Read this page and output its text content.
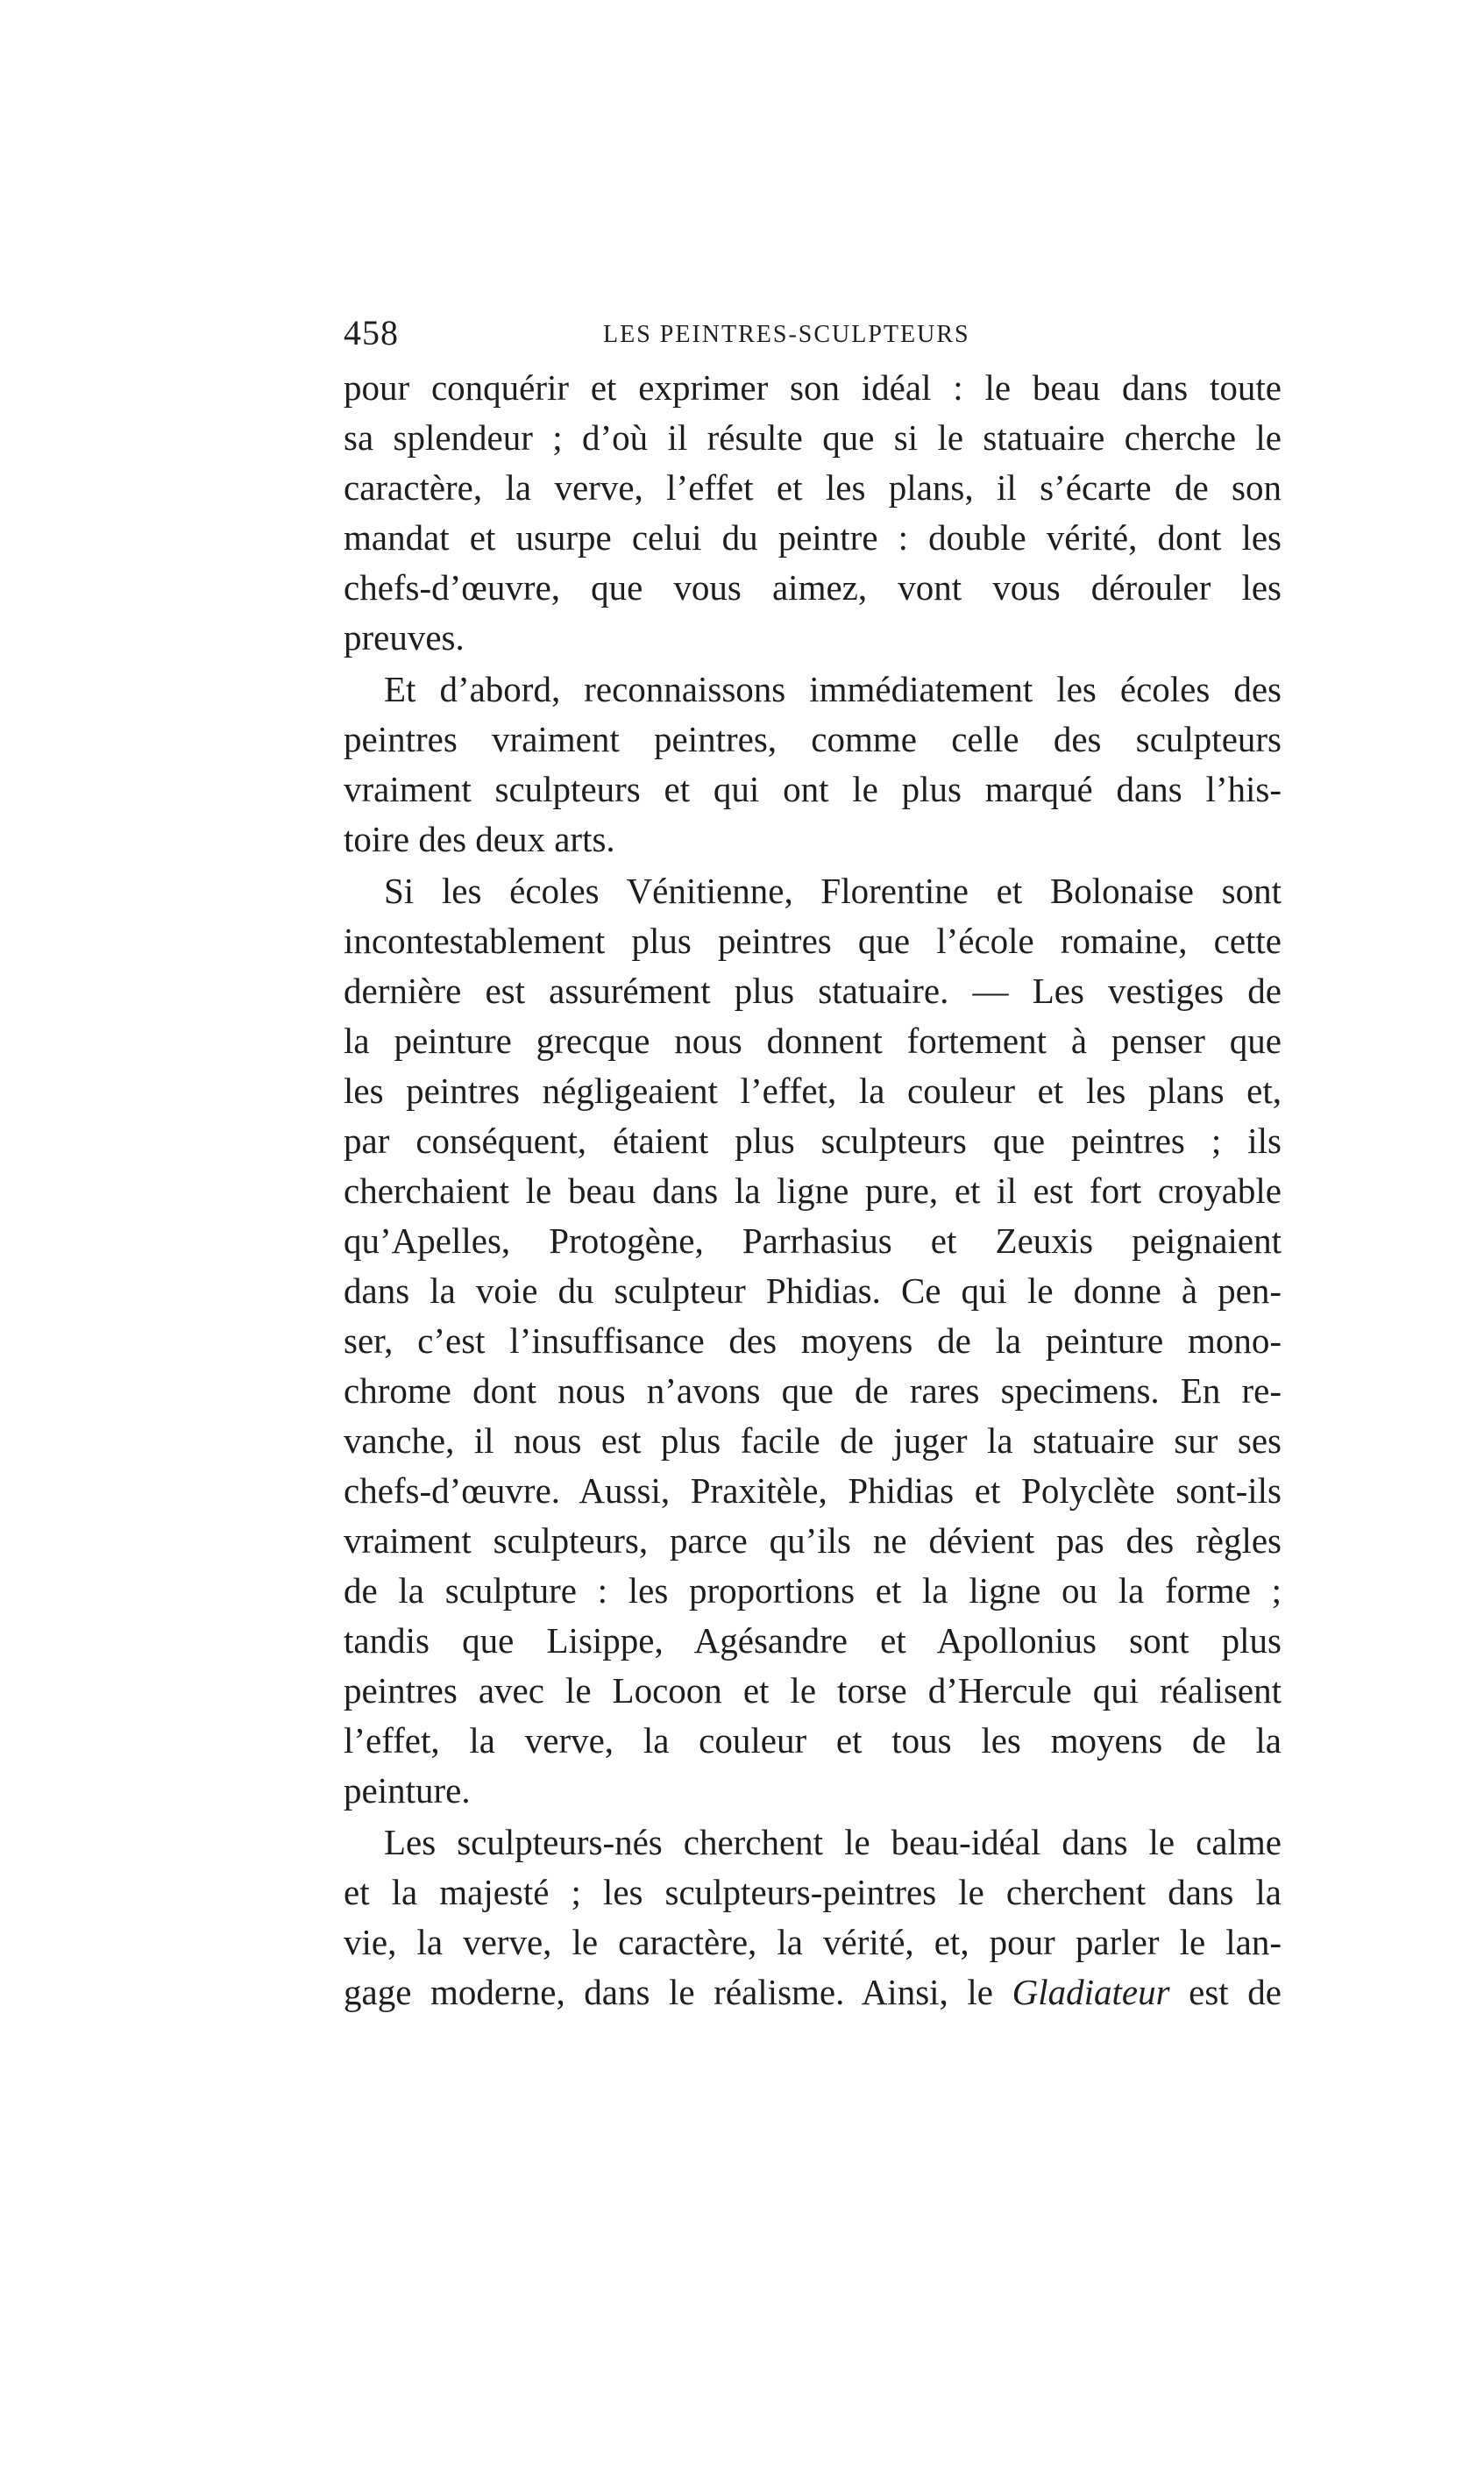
458	LES PEINTRES-SCULPTEURS
pour conquérir et exprimer son idéal : le beau dans toute
sa splendeur ; d’où il résulte que si le statuaire cherche le
caractère, la verve, l’effet et les plans, il s’écarte de son
mandat et usurpe celui du peintre : double vérité, dont les
chefs-d’œuvre, que vous aimez, vont vous dérouler les
preuves.
Et d’abord, reconnaissons immédiatement les écoles des
peintres vraiment peintres, comme celle des sculpteurs
vraiment sculpteurs et qui ont le plus marqué dans l’his-
toire des deux arts.
Si les écoles Vénitienne, Florentine et Bolonaise sont
incontestablement plus peintres que l’école romaine, cette
dernière est assurément plus statuaire. — Les vestiges de
la peinture grecque nous donnent fortement à penser que
les peintres négligeaient l’effet, la couleur et les plans et,
par conséquent, étaient plus sculpteurs que peintres ; ils
cherchaient le beau dans la ligne pure, et il est fort croyable
qu’Apelles, Protogène, Parrhasius et Zeuxis peignaient
dans la voie du sculpteur Phidias. Ce qui le donne à pen-
ser, c’est l’insuffisance des moyens de la peinture mono-
chrome dont nous n’avons que de rares specimens. En re-
vanche, il nous est plus facile de juger la statuaire sur ses
chefs-d’œuvre. Aussi, Praxitèle, Phidias et Polyclète sont-ils
vraiment sculpteurs, parce qu’ils ne dévient pas des règles
de la sculpture : les proportions et la ligne ou la forme ;
tandis que Lisippe, Agésandre et Apollonius sont plus
peintres avec le Locoon et le torse d’Hercule qui réalisent
l’effet, la verve, la couleur et tous les moyens de la
peinture.
Les sculpteurs-nés cherchent le beau-idéal dans le calme
et la majesté ; les sculpteurs-peintres le cherchent dans la
vie, la verve, le caractère, la vérité, et, pour parler le lan-
gage moderne, dans le réalisme. Ainsi, le Gladiateur est de
